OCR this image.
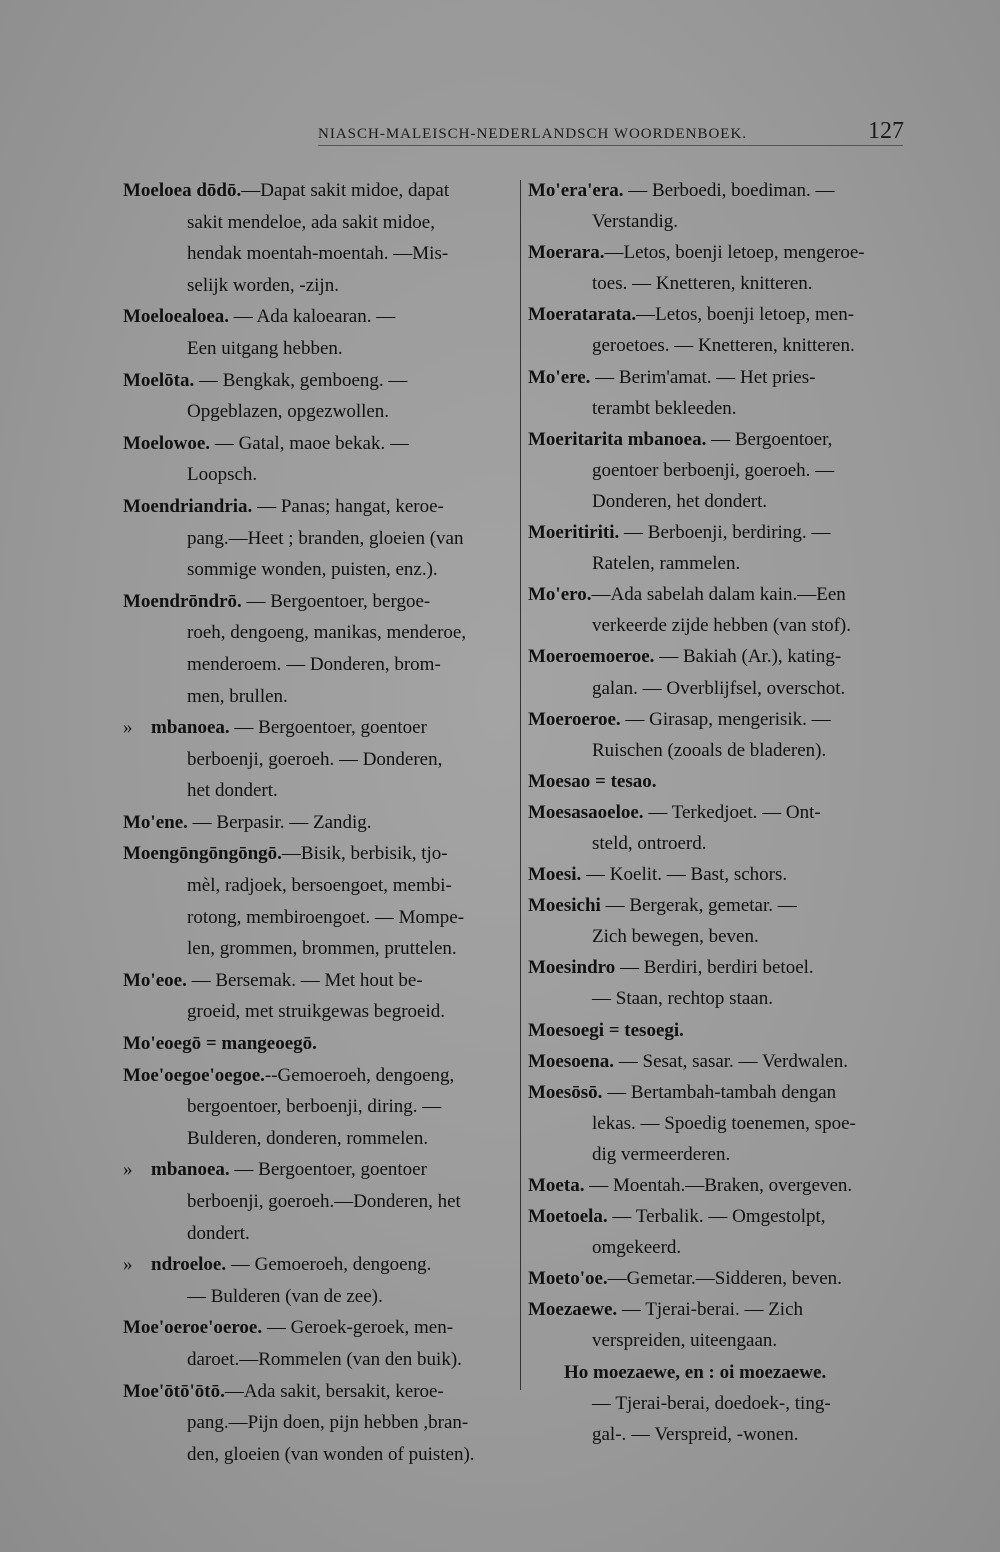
NIASCH-MALEISCH-NEDERLANDSCH WOORDENBOEK.	127
Moeloea dōdō.—Dapat sakit midoe, dapat
sakit mendeloe, ada sakit midoe,
hendak moentah-moentah. —Mis-
selijk worden, -zijn.
Moeloealoea. — Ada kaloearan. —
Een uitgang hebben.
Moelōta. — Bengkak, gemboeng. —
Opgeblazen, opgezwollen.
Moelowoe. — Gatal, maoe bekak. —
Loopsch.
Moendriandria. — Panas; hangat, keroe-
pang.—Heet ; branden, gloeien (van
sommige wonden, puisten, enz.).
Moendrōndrō. — Bergoentoer, bergoe-
roeh, dengoeng, manikas, menderoe,
menderoem. — Donderen, brom-
men, brullen.
» mbanoea. — Bergoentoer, goentoer
berboenji, goeroeh. — Donderen,
het dondert.
Mo'ene. — Berpasir. — Zandig.
Moengōngōngōngō.—Bisik, berbisik, tjo-
mèl, radjoek, bersoengoet, membi-
rotong, membiroengoet. — Mompe-
len, grommen, brommen, pruttelen.
Mo'eoe. — Bersemak. — Met hout be-
groeid, met struikgewas begroeid.
Mo'eoegō = mangeoegō.
Moe'oegoe'oegoe.--Gemoeroeh, dengoeng,
bergoentoer, berboenji, diring. —
Bulderen, donderen, rommelen.
» mbanoea. — Bergoentoer, goentoer
berboenji, goeroeh.—Donderen, het
dondert.
» ndroeloe. — Gemoeroeh, dengoeng.
— Bulderen (van de zee).
Moe'oeroe'oeroe. — Geroek-geroek, men-
daroet.—Rommelen (van den buik).
Moe'ōtō'ōtō.—Ada sakit, bersakit, keroe-
pang.—Pijn doen, pijn hebben ,bran-
den, gloeien (van wonden of puisten).
Mo'era'era. — Berboedi, boediman. —
Verstandig.
Moerara.—Letos, boenji letoep, mengeroe-
toes. — Knetteren, knitteren.
Moeratarata.—Letos, boenji letoep, men-
geroetoes. — Knetteren, knitteren.
Mo'ere. — Berim'amat. — Het pries-
terambt bekleeden.
Moeritarita mbanoea. — Bergoentoer,
goentoer berboenji, goeroeh. —
Donderen, het dondert.
Moeritiriti. — Berboenji, berdiring. —
Ratelen, rammelen.
Mo'ero.—Ada sabelah dalam kain.—Een
verkeerde zijde hebben (van stof).
Moeroemoeroe. — Bakiah (Ar.), kating-
galan. — Overblijfsel, overschot.
Moeroeroe. — Girasap, mengerisik. —
Ruischen (zooals de bladeren).
Moesao = tesao.
Moesasaoeloe. — Terkedjoet. — Ont-
steld, ontroerd.
Moesi. — Koelit. — Bast, schors.
Moesichi — Bergerak, gemetar. —
Zich bewegen, beven.
Moesindro — Berdiri, berdiri betoel.
— Staan, rechtop staan.
Moesoegi = tesoegi.
Moesoena. — Sesat, sasar. — Verdwalen.
Moesōsō. — Bertambah-tambah dengan
lekas. — Spoedig toenemen, spoe-
dig vermeerderen.
Moeta. — Moentah.—Braken, overgeven.
Moetoela. — Terbalik. — Omgestolpt,
omgekeerd.
Moeto'oe.—Gemetar.—Sidderen, beven.
Moezaewe. — Tjerai-berai. — Zich
verspreiden, uiteengaan.
Ho moezaewe, en : oi moezaewe.
— Tjerai-berai, doedoek-, ting-
gal-. — Verspreid, -wonen.
